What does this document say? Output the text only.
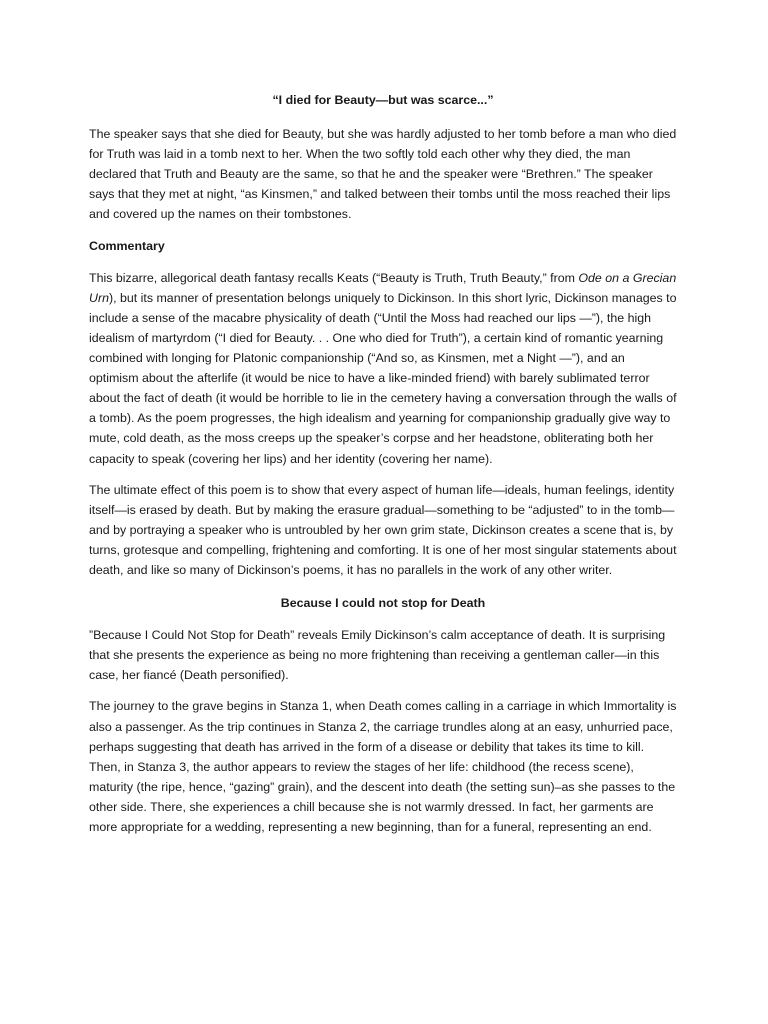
“I died for Beauty—but was scarce...”

The speaker says that she died for Beauty, but she was hardly adjusted to her tomb before a man who died for Truth was laid in a tomb next to her. When the two softly told each other why they died, the man declared that Truth and Beauty are the same, so that he and the speaker were “Brethren.” The speaker says that they met at night, “as Kinsmen,” and talked between their tombs until the moss reached their lips and covered up the names on their tombstones.

Commentary

This bizarre, allegorical death fantasy recalls Keats (“Beauty is Truth, Truth Beauty,” from Ode on a Grecian Urn), but its manner of presentation belongs uniquely to Dickinson. In this short lyric, Dickinson manages to include a sense of the macabre physicality of death (“Until the Moss had reached our lips —”), the high idealism of martyrdom (“I died for Beauty. . . One who died for Truth”), a certain kind of romantic yearning combined with longing for Platonic companionship (“And so, as Kinsmen, met a Night —”), and an optimism about the afterlife (it would be nice to have a like-minded friend) with barely sublimated terror about the fact of death (it would be horrible to lie in the cemetery having a conversation through the walls of a tomb). As the poem progresses, the high idealism and yearning for companionship gradually give way to mute, cold death, as the moss creeps up the speaker’s corpse and her headstone, obliterating both her capacity to speak (covering her lips) and her identity (covering her name).

The ultimate effect of this poem is to show that every aspect of human life—ideals, human feelings, identity itself—is erased by death. But by making the erasure gradual—something to be “adjusted” to in the tomb—and by portraying a speaker who is untroubled by her own grim state, Dickinson creates a scene that is, by turns, grotesque and compelling, frightening and comforting. It is one of her most singular statements about death, and like so many of Dickinson’s poems, it has no parallels in the work of any other writer.

Because I could not stop for Death

”Because I Could Not Stop for Death” reveals Emily Dickinson’s calm acceptance of death. It is surprising that she presents the experience as being no more frightening than receiving a gentleman caller—in this case, her fiancé (Death personified).

The journey to the grave begins in Stanza 1, when Death comes calling in a carriage in which Immortality is also a passenger. As the trip continues in Stanza 2, the carriage trundles along at an easy, unhurried pace, perhaps suggesting that death has arrived in the form of a disease or debility that takes its time to kill. Then, in Stanza 3, the author appears to review the stages of her life: childhood (the recess scene), maturity (the ripe, hence, “gazing” grain), and the descent into death (the setting sun)–as she passes to the other side. There, she experiences a chill because she is not warmly dressed. In fact, her garments are more appropriate for a wedding, representing a new beginning, than for a funeral, representing an end.
